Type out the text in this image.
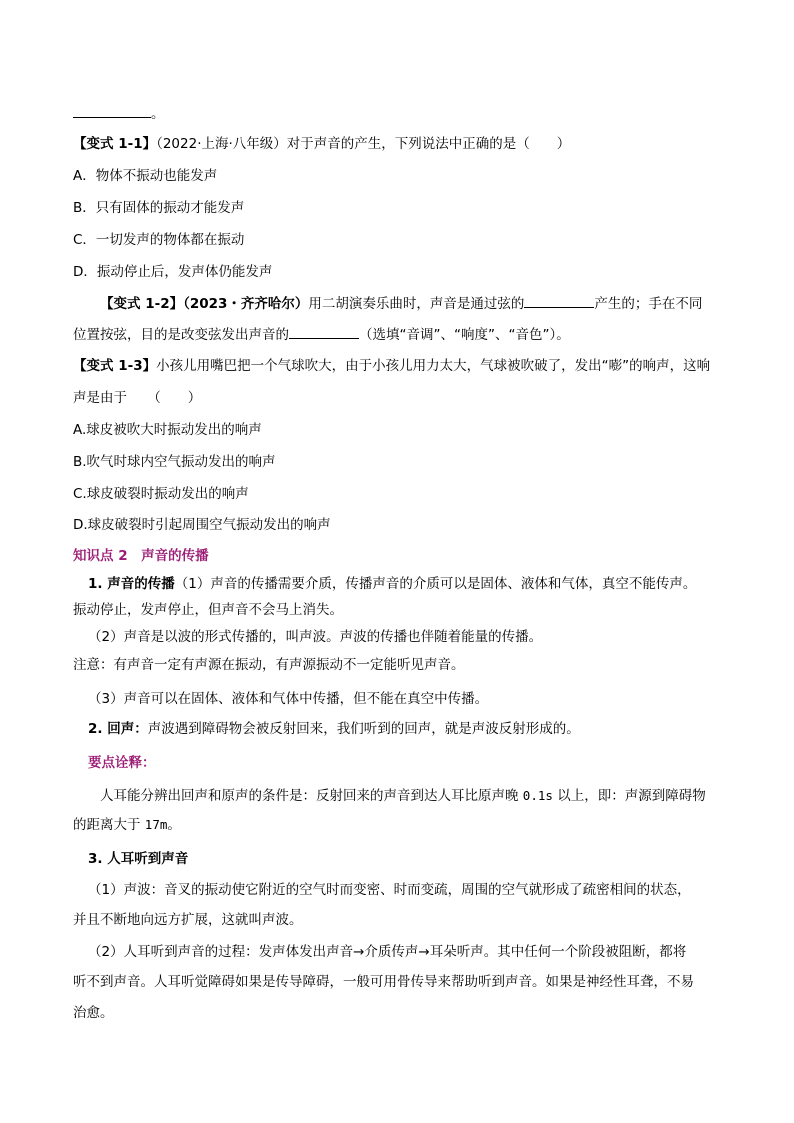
。
【变式 1-1】（2022·上海·八年级）对于声音的产生，下列说法中正确的是（　　）
A．物体不振动也能发声
B．只有固体的振动才能发声
C．一切发声的物体都在振动
D．振动停止后，发声体仍能发声
【变式 1-2】（2023・齐齐哈尔）用二胡演奏乐曲时，声音是通过弦的	产生的；手在不同
位置按弦，目的是改变弦发出声音的	（选填“音调”、“响度”、“音色”）。
【变式 1-3】小孩儿用嘴巴把一个气球吹大，由于小孩儿用力太大，气球被吹破了，发出“嘭”的响声，这响
声是由于　　（　　）
A.球皮被吹大时振动发出的响声
B.吹气时球内空气振动发出的响声
C.球皮破裂时振动发出的响声
D.球皮破裂时引起周围空气振动发出的响声
知识点 2　声音的传播
1. 声音的传播（1）声音的传播需要介质，传播声音的介质可以是固体、液体和气体，真空不能传声。
振动停止，发声停止，但声音不会马上消失。
（2）声音是以波的形式传播的，叫声波。声波的传播也伴随着能量的传播。
注意：有声音一定有声源在振动，有声源振动不一定能听见声音。
（3）声音可以在固体、液体和气体中传播，但不能在真空中传播。
2. 回声：声波遇到障碍物会被反射回来，我们听到的回声，就是声波反射形成的。
要点诠释：
人耳能分辨出回声和原声的条件是：反射回来的声音到达人耳比原声晚 0.1s 以上，即：声源到障碍物
的距离大于 17m。
3. 人耳听到声音
（1）声波：音叉的振动使它附近的空气时而变密、时而变疏，周围的空气就形成了疏密相间的状态，
并且不断地向远方扩展，这就叫声波。
（2）人耳听到声音的过程：发声体发出声音→介质传声→耳朵听声。其中任何一个阶段被阻断，都将
听不到声音。人耳听觉障碍如果是传导障碍，一般可用骨传导来帮助听到声音。如果是神经性耳聋，不易
治愈。
